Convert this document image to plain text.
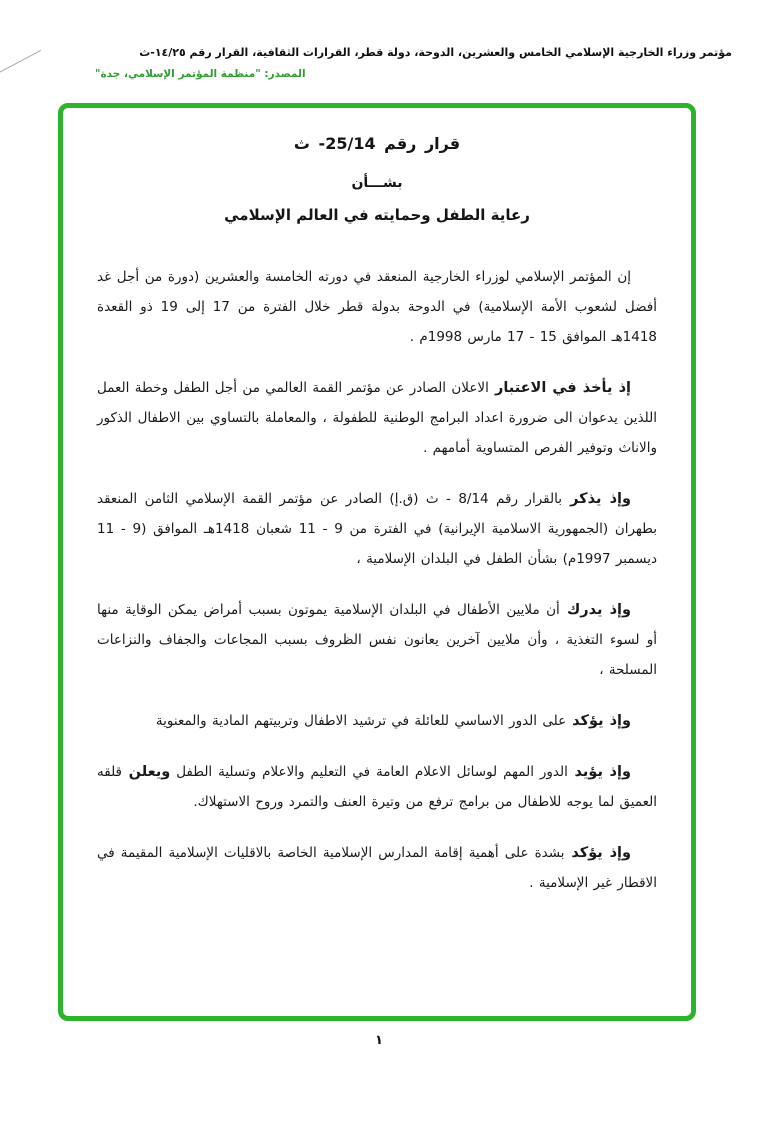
مؤتمر وزراء الخارجية الإسلامي الخامس والعشرين، الدوحة، دولة قطر، القرارات الثقافية، القرار رقم ١٤/٢٥-ث
المصدر: "منظمة المؤتمر الإسلامي، جدة"
قرار رقم 25/14- ث
بشـــأن
رعاية الطفل وحمايته في العالم الإسلامي

إن المؤتمر الإسلامي لوزراء الخارجية المنعقد في دورته الخامسة والعشرين (دورة من أجل غد أفضل لشعوب الأمة الإسلامية) في الدوحة بدولة قطر خلال الفترة من 17 إلى 19 ذو القعدة 1418هـ الموافق 15 - 17 مارس 1998م .

إذ يأخذ في الاعتبار الاعلان الصادر عن مؤتمر القمة العالمي من أجل الطفل وخطة العمل اللذين يدعوان الى ضرورة اعداد البرامج الوطنية للطفولة ، والمعاملة بالتساوي بين الاطفال الذكور والاناث وتوفير الفرص المتساوية أمامهم .

وإذ يذكر بالقرار رقم 8/14 - ث (ق.إ) الصادر عن مؤتمر القمة الإسلامي الثامن المنعقد بطهران (الجمهورية الاسلامية الإيرانية) في الفترة من 9 - 11 شعبان 1418هـ الموافق (9 - 11 ديسمبر 1997م) بشأن الطفل في البلدان الإسلامية ،

وإذ يدرك أن ملايين الأطفال في البلدان الإسلامية يموتون بسبب أمراض يمكن الوقاية منها أو لسوء التغذية ، وأن ملايين آخرين يعانون نفس الظروف بسبب المجاعات والجفاف والنزاعات المسلحة ،

وإذ يؤكد على الدور الاساسي للعائلة في ترشيد الاطفال وتربيتهم المادية والمعنوية

وإذ يؤيد الدور المهم لوسائل الاعلام العامة في التعليم والاعلام وتسلية الطفل ويعلن قلقه العميق لما يوجه للاطفال من برامج ترفع من وتيرة العنف والتمرد وروح الاستهلاك.

وإذ يؤكد بشدة على أهمية إقامة المدارس الإسلامية الخاصة بالاقليات الإسلامية المقيمة في الاقطار غير الإسلامية .

١
